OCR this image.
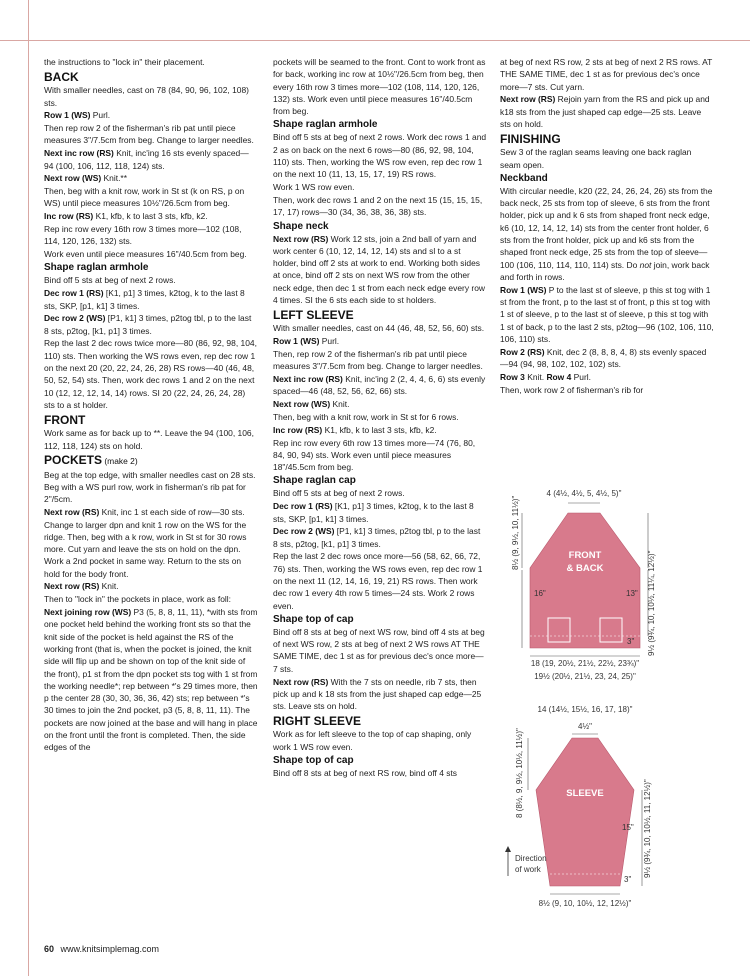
the instructions to "lock in" their placement.

BACK

With smaller needles, cast on 78 (84, 90, 96, 102, 108) sts.

Row 1 (WS) Purl.

Then rep row 2 of the fisherman's rib pat until piece measures 3"/7.5cm from beg. Change to larger needles.

Next inc row (RS) Knit, inc'ing 16 sts evenly spaced—94 (100, 106, 112, 118, 124) sts.

Next row (WS) Knit.**

Then, beg with a knit row, work in St st (k on RS, p on WS) until piece measures 10½"/26.5cm from beg.

Inc row (RS) K1, kfb, k to last 3 sts, kfb, k2.

Rep inc row every 16th row 3 times more—102 (108, 114, 120, 126, 132) sts.

Work even until piece measures 16"/40.5cm from beg.

Shape raglan armhole

Bind off 5 sts at beg of next 2 rows.

Dec row 1 (RS) [K1, p1] 3 times, k2tog, k to the last 8 sts, SKP, [p1, k1] 3 times.

Dec row 2 (WS) [P1, k1] 3 times, p2tog tbl, p to the last 8 sts, p2tog, [k1, p1] 3 times.

Rep the last 2 dec rows twice more—80 (86, 92, 98, 104, 110) sts. Then working the WS rows even, rep dec row 1 on the next 20 (20, 22, 24, 26, 28) RS rows—40 (46, 48, 50, 52, 54) sts. Then, work dec rows 1 and 2 on the next 10 (12, 12, 12, 14, 14) rows. SI 20 (22, 24, 26, 24, 28) sts to a st holder.

FRONT

Work same as for back up to **. Leave the 94 (100, 106, 112, 118, 124) sts on hold.

POCKETS (make 2)

Beg at the top edge, with smaller needles cast on 28 sts. Beg with a WS purl row, work in fisherman's rib pat for 2"/5cm.

Next row (RS) Knit, inc 1 st each side of row—30 sts. Change to larger dpn and knit 1 row on the WS for the ridge. Then, beg with a k row, work in St st for 30 rows more. Cut yarn and leave the sts on hold on the dpn. Work a 2nd pocket in same way. Return to the sts on hold for the body front.

Next row (RS) Knit.

Then to "lock in" the pockets in place, work as foll:

Next joining row (WS) P3 (5, 8, 8, 11, 11), *with sts from one pocket held behind the working front sts so that the knit side of the pocket is held against the RS of the working front (that is, when the pocket is joined, the knit side will flip up and be shown on top of the knit side of the front), p1 st from the dpn pocket sts tog with 1 st from the working needle*; rep between *'s 29 times more, then p the center 28 (30, 30, 36, 36, 42) sts; rep between *'s 30 times to join the 2nd pocket, p3 (5, 8, 8, 11, 11). The pockets are now joined at the base and will hang in place on the front until the front is completed. Then, the side edges of the

pockets will be seamed to the front. Cont to work front as for back, working inc row at 10½"/26.5cm from beg, then every 16th row 3 times more—102 (108, 114, 120, 126, 132) sts. Work even until piece measures 16"/40.5cm from beg.

Shape raglan armhole

Bind off 5 sts at beg of next 2 rows. Work dec rows 1 and 2 as on back on the next 6 rows—80 (86, 92, 98, 104, 110) sts. Then, working the WS row even, rep dec row 1 on the next 10 (11, 13, 15, 17, 19) RS rows.

Work 1 WS row even.

Then, work dec rows 1 and 2 on the next 15 (15, 15, 15, 17, 17) rows—30 (34, 36, 38, 36, 38) sts.

Shape neck

Next row (RS) Work 12 sts, join a 2nd ball of yarn and work center 6 (10, 12, 14, 12, 14) sts and sl to a st holder, bind off 2 sts at work to end. Working both sides at once, bind off 2 sts on next WS row from the other neck edge, then dec 1 st from each neck edge every row 4 times. SI the 6 sts each side to st holders.

LEFT SLEEVE

With smaller needles, cast on 44 (46, 48, 52, 56, 60) sts.

Row 1 (WS) Purl.

Then, rep row 2 of the fisherman's rib pat until piece measures 3"/7.5cm from beg. Change to larger needles.

Next inc row (RS) Knit, inc'ing 2 (2, 4, 4, 6, 6) sts evenly spaced—46 (48, 52, 56, 62, 66) sts.

Next row (WS) Knit.

Then, beg with a knit row, work in St st for 6 rows.

Inc row (RS) K1, kfb, k to last 3 sts, kfb, k2.

Rep inc row every 6th row 13 times more—74 (76, 80, 84, 90, 94) sts. Work even until piece measures 18"/45.5cm from beg.

Shape raglan cap

Bind off 5 sts at beg of next 2 rows.

Dec row 1 (RS) [K1, p1] 3 times, k2tog, k to the last 8 sts, SKP, [p1, k1] 3 times.

Dec row 2 (WS) [P1, k1] 3 times, p2tog tbl, p to the last 8 sts, p2tog, [k1, p1] 3 times.

Rep the last 2 dec rows once more—56 (58, 62, 66, 72, 76) sts. Then, working the WS rows even, rep dec row 1 on the next 11 (12, 14, 16, 19, 21) RS rows. Then work dec row 1 every 4th row 5 times—24 sts. Work 2 rows even.

Shape top of cap

Bind off 8 sts at beg of next WS row, bind off 4 sts at beg of next WS row, 2 sts at beg of next 2 WS rows AT THE SAME TIME, dec 1 st as for previous dec's once more—7 sts.

Next row (RS) With the 7 sts on needle, rib 7 sts, then pick up and k 18 sts from the just shaped cap edge—25 sts. Leave sts on hold.

RIGHT SLEEVE

Work as for left sleeve to the top of cap shaping, only work 1 WS row even.

Shape top of cap

Bind off 8 sts at beg of next RS row, bind off 4 sts

at beg of next RS row, 2 sts at beg of next 2 RS rows. AT THE SAME TIME, dec 1 st as for previous dec's once more—7 sts. Cut yarn.

Next row (RS) Rejoin yarn from the RS and pick up and k18 sts from the just shaped cap edge—25 sts. Leave sts on hold.

FINISHING

Sew 3 of the raglan seams leaving one back raglan seam open.

Neckband

With circular needle, k20 (22, 24, 26, 24, 26) sts from the back neck, 25 sts from top of sleeve, 6 sts from the front holder, pick up and k 6 sts from shaped front neck edge, k6 (10, 12, 14, 12, 14) sts from the center front holder, 6 sts from the front holder, pick up and k6 sts from the shaped front neck edge, 25 sts from the top of sleeve—100 (106, 110, 114, 110, 114) sts. Do not join, work back and forth in rows.

Row 1 (WS) P to the last st of sleeve, p this st tog with 1 st from the front, p to the last st of front, p this st tog with 1 st of sleeve, p to the last st of sleeve, p this st tog with 1 st of back, p to the last 2 sts, p2tog—96 (102, 106, 110, 106, 110) sts.

Row 2 (RS) Knit, dec 2 (8, 8, 8, 4, 8) sts evenly spaced—94 (94, 98, 102, 102, 102) sts.

Row 3 Knit. Row 4 Purl.

Then, work row 2 of fisherman's rib for

FRONT
& BACK
4 (4½, 4½, 5, 4½, 5)"
8½ (9, 9½, 10, 11½)"
16"	9½ (9¾, 10, 10½, 11¼, 12½)"
13"
3"
18 (19, 20½, 21½, 22½, 23¾)"
19½ (20½, 21½, 23, 24, 25)"
14 (14½, 15½, 16, 17, 18)"
4½"
SLEEVE
8 (8½, 9, 9½, 10½, 11½)"
9½ (9¾, 10, 10½, 11, 12½)"
15"
3"
Direction
of work
8½ (9, 10, 10½, 12, 12½)"
60 www.knitsimplemag.com
